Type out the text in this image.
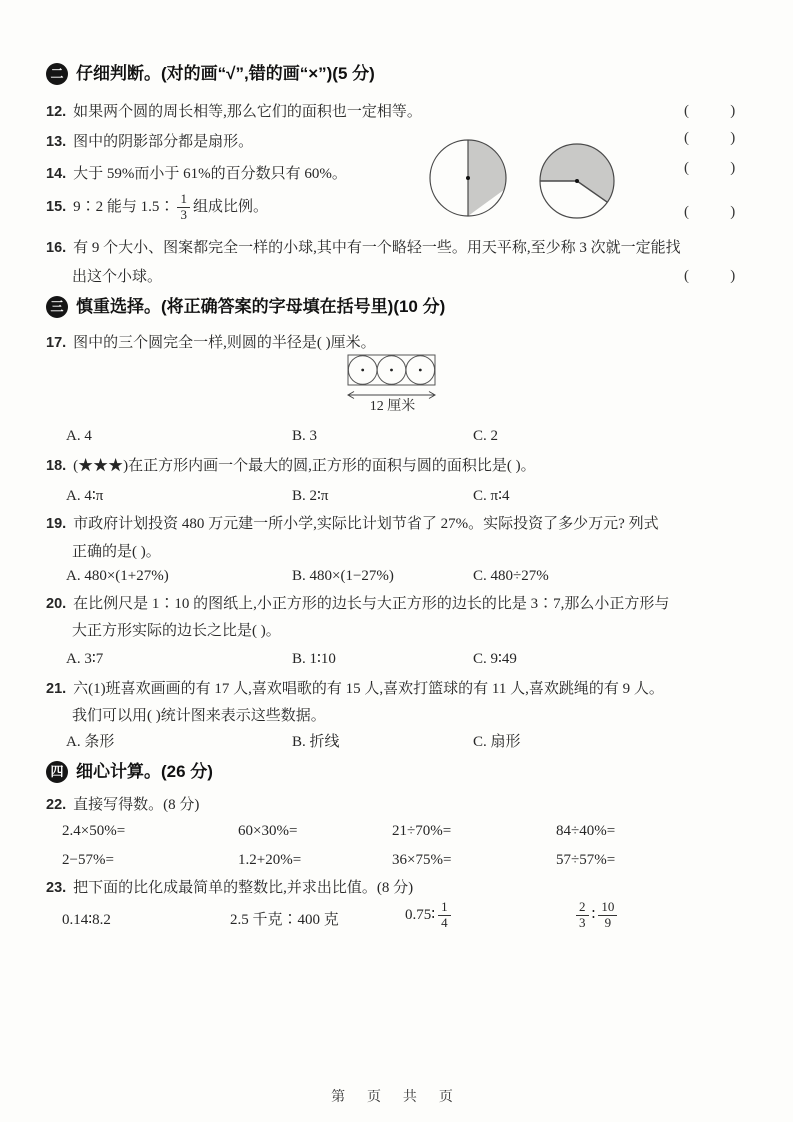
二 仔细判断。(对的画“√”,错的画“×”)(5 分)
12. 如果两个圆的周长相等,那么它们的面积也一定相等。	(           )
13. 图中的阴影部分都是扇形。	(           )
14. 大于 59%而小于 61%的百分数只有 60%。	(           )
15. 9∶2 能与 1.5∶ $\frac{1}{3}$ 组成比例。	(           )
16. 有 9 个大小、图案都完全一样的小球,其中有一个略轻一些。用天平称,至少称 3 次就一定能找
出这个小球。	(           )
三 慎重选择。(将正确答案的字母填在括号里)(10 分)
17. 图中的三个圆完全一样,则圆的半径是( )厘米。
12 厘米
A. 4	B. 3	C. 2
18. (★★★)在正方形内画一个最大的圆,正方形的面积与圆的面积比是( )。
A. 4∶π	B. 2∶π	C. π∶4
19. 市政府计划投资 480 万元建一所小学,实际比计划节省了 27%。实际投资了多少万元? 列式
正确的是( )。
A. 480×(1+27%)	B. 480×(1−27%)	C. 480÷27%
20. 在比例尺是 1∶10 的图纸上,小正方形的边长与大正方形的边长的比是 3∶7,那么小正方形与
大正方形实际的边长之比是( )。
A. 3∶7	B. 1∶10	C. 9∶49
21. 六(1)班喜欢画画的有 17 人,喜欢唱歌的有 15 人,喜欢打篮球的有 11 人,喜欢跳绳的有 9 人。
我们可以用( )统计图来表示这些数据。
A. 条形	B. 折线	C. 扇形
四 细心计算。(26 分)
22. 直接写得数。(8 分)
2.4×50%=	60×30%=	21÷70%=	84÷40%=
2−57%=	1.2+20%=	36×75%=	57÷57%=
23. 把下面的比化成最简单的整数比,并求出比值。(8 分)
0.14∶8.2	2.5 千克∶400 克	0.75∶ $\frac{1}{4}$	$\frac{2}{3}$ ∶ $\frac{10}{9}$
第 页 共 页
